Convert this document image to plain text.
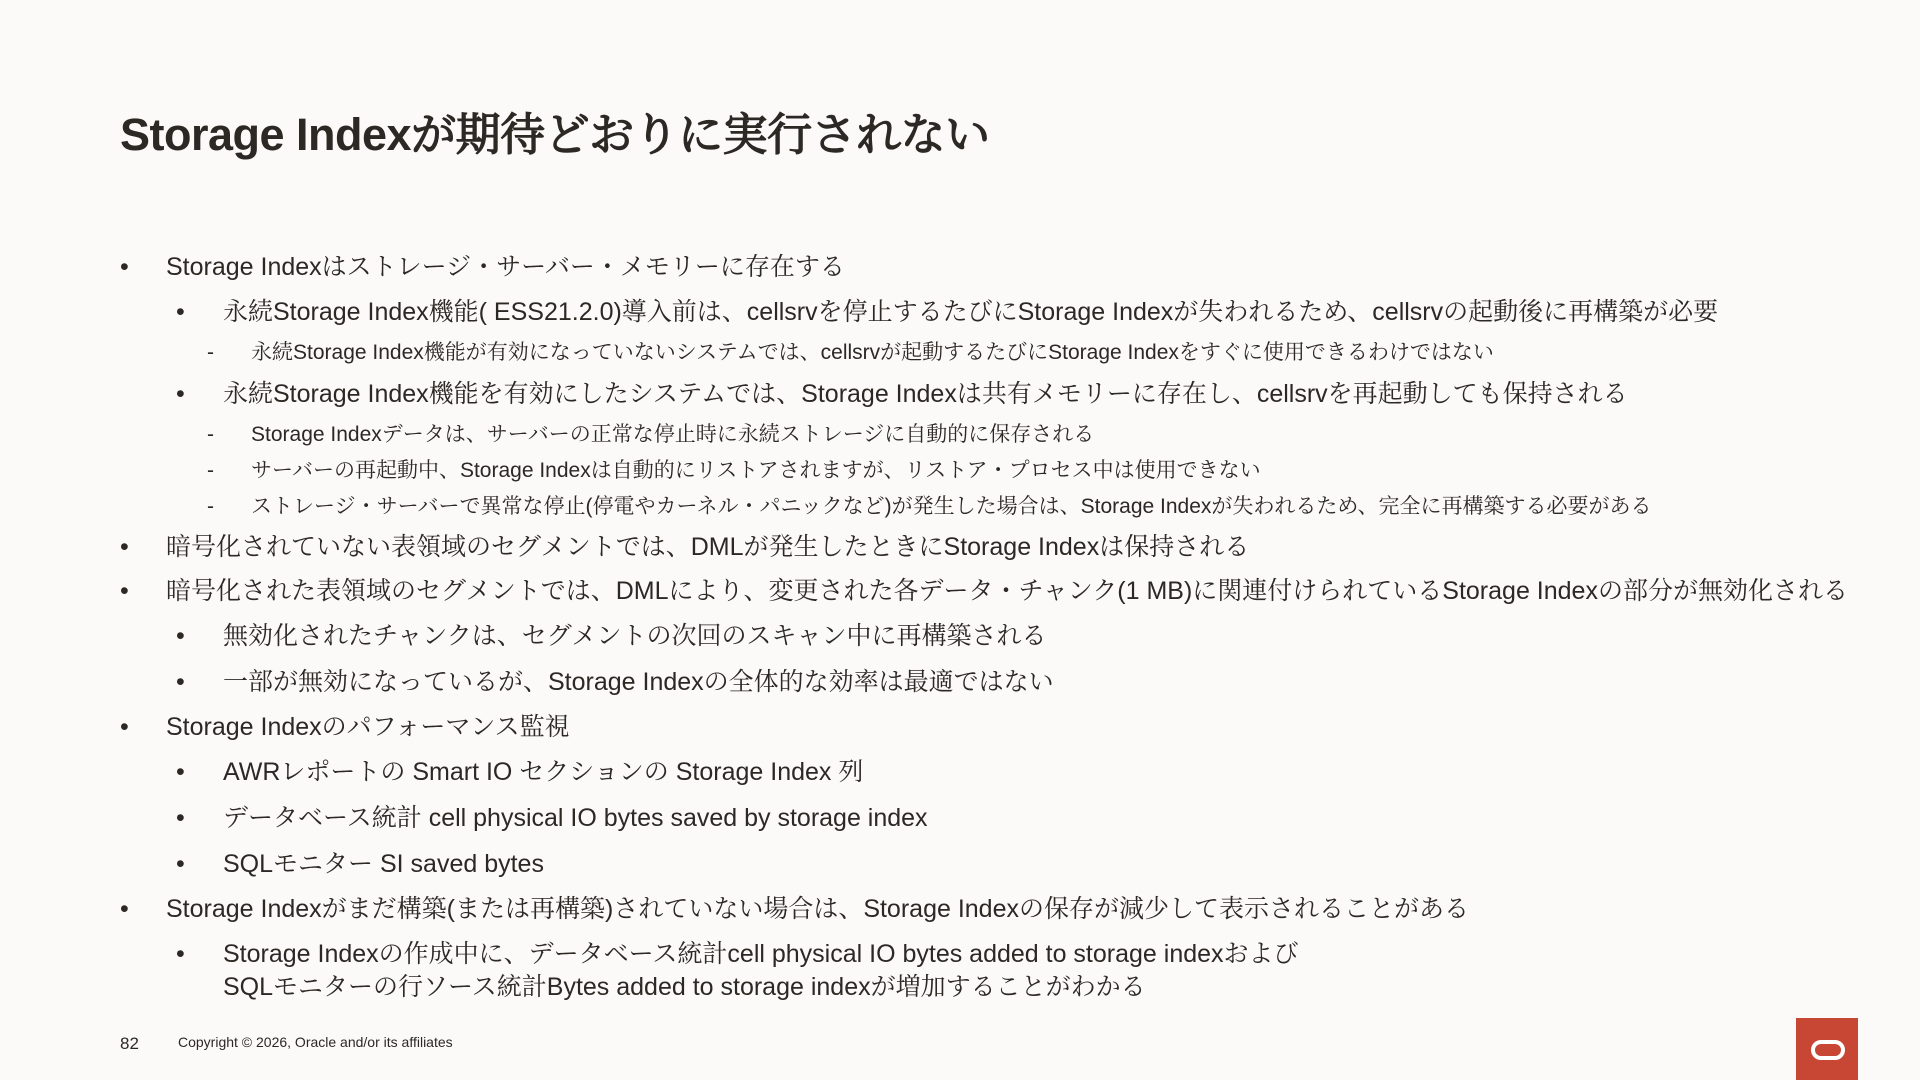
Storage Indexが期待どおりに実行されない
• Storage Indexはストレージ・サーバー・メモリーに存在する
• 永続Storage Index機能( ESS21.2.0)導入前は、cellsrvを停止するたびにStorage Indexが失われるため、cellsrvの起動後に再構築が必要
- 永続Storage Index機能が有効になっていないシステムでは、cellsrvが起動するたびにStorage Indexをすぐに使用できるわけではない
• 永続Storage Index機能を有効にしたシステムでは、Storage Indexは共有メモリーに存在し、cellsrvを再起動しても保持される
- Storage Indexデータは、サーバーの正常な停止時に永続ストレージに自動的に保存される
- サーバーの再起動中、Storage Indexは自動的にリストアされますが、リストア・プロセス中は使用できない
- ストレージ・サーバーで異常な停止(停電やカーネル・パニックなど)が発生した場合は、Storage Indexが失われるため、完全に再構築する必要がある
• 暗号化されていない表領域のセグメントでは、DMLが発生したときにStorage Indexは保持される
• 暗号化された表領域のセグメントでは、DMLにより、変更された各データ・チャンク(1 MB)に関連付けられているStorage Indexの部分が無効化される
• 無効化されたチャンクは、セグメントの次回のスキャン中に再構築される
• 一部が無効になっているが、Storage Indexの全体的な効率は最適ではない
• Storage Indexのパフォーマンス監視
• AWRレポートの Smart IO セクションの Storage Index 列
• データベース統計 cell physical IO bytes saved by storage index
• SQLモニター SI saved bytes
• Storage Indexがまだ構築(または再構築)されていない場合は、Storage Indexの保存が減少して表示されることがある
• Storage Indexの作成中に、データベース統計cell physical IO bytes added to storage indexおよび
SQLモニターの行ソース統計Bytes added to storage indexが増加することがわかる
82	Copyright © 2026, Oracle and/or its affiliates
